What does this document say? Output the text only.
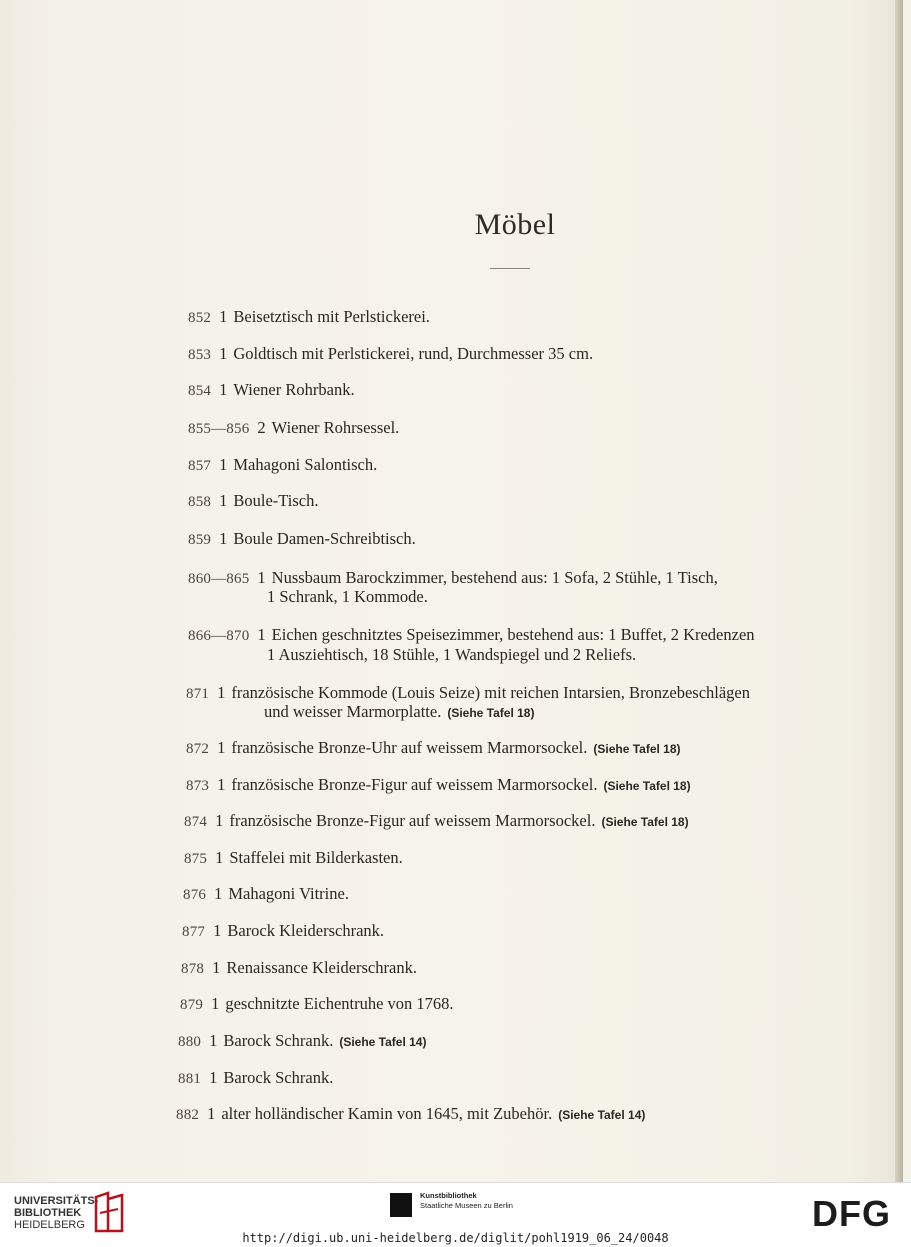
Möbel
852 1 Beisetztisch mit Perlstickerei.
853 1 Goldtisch mit Perlstickerei, rund, Durchmesser 35 cm.
854 1 Wiener Rohrbank.
855—856 2 Wiener Rohrsessel.
857 1 Mahagoni Salontisch.
858 1 Boule-Tisch.
859 1 Boule Damen-Schreibtisch.
860—865 1 Nussbaum Barockzimmer, bestehend aus: 1 Sofa, 2 Stühle, 1 Tisch,
1 Schrank, 1 Kommode.
866—870 1 Eichen geschnitztes Speisezimmer, bestehend aus: 1 Buffet, 2 Kredenzen
1 Ausziehtisch, 18 Stühle, 1 Wandspiegel und 2 Reliefs.
871 1 französische Kommode (Louis Seize) mit reichen Intarsien, Bronzebeschlägen
und weisser Marmorplatte. (Siehe Tafel 18)
872 1 französische Bronze-Uhr auf weissem Marmorsockel. (Siehe Tafel 18)
873 1 französische Bronze-Figur auf weissem Marmorsockel. (Siehe Tafel 18)
874 1 französische Bronze-Figur auf weissem Marmorsockel. (Siehe Tafel 18)
875 1 Staffelei mit Bilderkasten.
876 1 Mahagoni Vitrine.
877 1 Barock Kleiderschrank.
878 1 Renaissance Kleiderschrank.
879 1 geschnitzte Eichentruhe von 1768.
880 1 Barock Schrank. (Siehe Tafel 14)
881 1 Barock Schrank.
882 1 alter holländischer Kamin von 1645, mit Zubehör. (Siehe Tafel 14)
UNIVERSITÄTS-
BIBLIOTHEK
HEIDELBERG
Kunstbibliothek
Staatliche Museen zu Berlin	DFG
http://digi.ub.uni-heidelberg.de/diglit/pohl1919_06_24/0048
